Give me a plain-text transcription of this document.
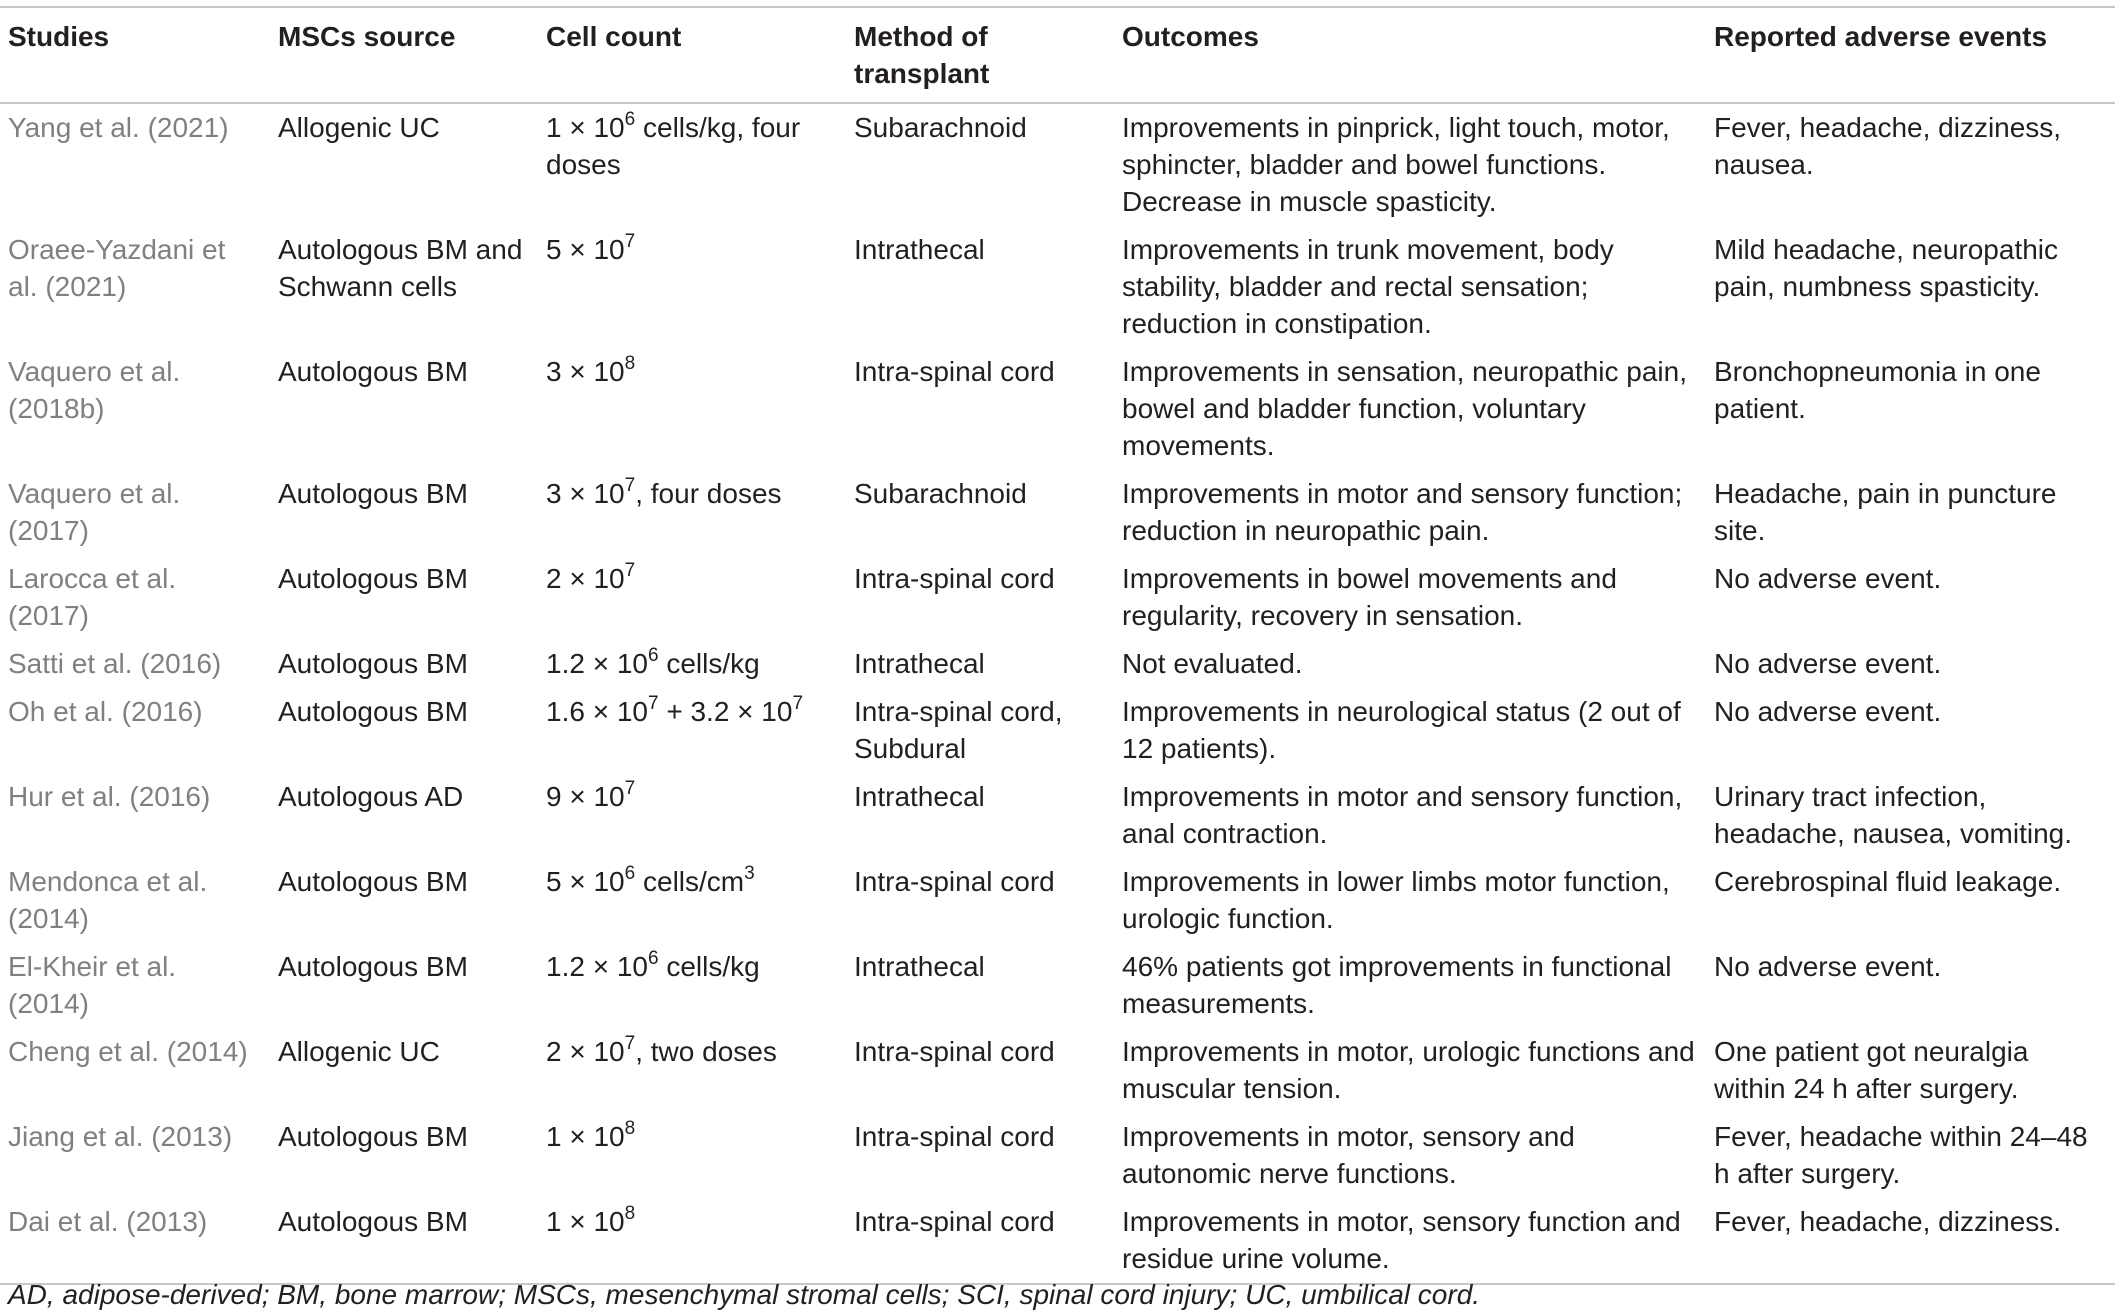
Studies	MSCs source	Cell count	Method of transplant	Outcomes	Reported adverse events
Yang et al. (2021)	Allogenic UC	$1 \times 10^6$ cells/kg, four doses	Subarachnoid	Improvements in pinprick, light touch, motor, sphincter, bladder and bowel functions. Decrease in muscle spasticity.	Fever, headache, dizziness, nausea.
Oraee-Yazdani et al. (2021)	Autologous BM and Schwann cells	$5 \times 10^7$	Intrathecal	Improvements in trunk movement, body stability, bladder and rectal sensation; reduction in constipation.	Mild headache, neuropathic pain, numbness spasticity.
Vaquero et al. (2018b)	Autologous BM	$3 \times 10^8$	Intra-spinal cord	Improvements in sensation, neuropathic pain, bowel and bladder function, voluntary movements.	Bronchopneumonia in one patient.
Vaquero et al. (2017)	Autologous BM	$3 \times 10^7$, four doses	Subarachnoid	Improvements in motor and sensory function; reduction in neuropathic pain.	Headache, pain in puncture site.
Larocca et al. (2017)	Autologous BM	$2 \times 10^7$	Intra-spinal cord	Improvements in bowel movements and regularity, recovery in sensation.	No adverse event.
Satti et al. (2016)	Autologous BM	$1.2 \times 10^6$ cells/kg	Intrathecal	Not evaluated.	No adverse event.
Oh et al. (2016)	Autologous BM	$1.6 \times 10^7 + 3.2 \times 10^7$	Intra-spinal cord, Subdural	Improvements in neurological status (2 out of 12 patients).	No adverse event.
Hur et al. (2016)	Autologous AD	$9 \times 10^7$	Intrathecal	Improvements in motor and sensory function, anal contraction.	Urinary tract infection, headache, nausea, vomiting.
Mendonca et al. (2014)	Autologous BM	$5 \times 10^6$ cells/$cm^3$	Intra-spinal cord	Improvements in lower limbs motor function, urologic function.	Cerebrospinal fluid leakage.
El-Kheir et al. (2014)	Autologous BM	$1.2 \times 10^6$ cells/kg	Intrathecal	46% patients got improvements in functional measurements.	No adverse event.
Cheng et al. (2014)	Allogenic UC	$2 \times 10^7$, two doses	Intra-spinal cord	Improvements in motor, urologic functions and muscular tension.	One patient got neuralgia within 24 h after surgery.
Jiang et al. (2013)	Autologous BM	$1 \times 10^8$	Intra-spinal cord	Improvements in motor, sensory and autonomic nerve functions.	Fever, headache within 24–48 h after surgery.
Dai et al. (2013)	Autologous BM	$1 \times 10^8$	Intra-spinal cord	Improvements in motor, sensory function and residue urine volume.	Fever, headache, dizziness.
AD, adipose-derived; BM, bone marrow; MSCs, mesenchymal stromal cells; SCI, spinal cord injury; UC, umbilical cord.
